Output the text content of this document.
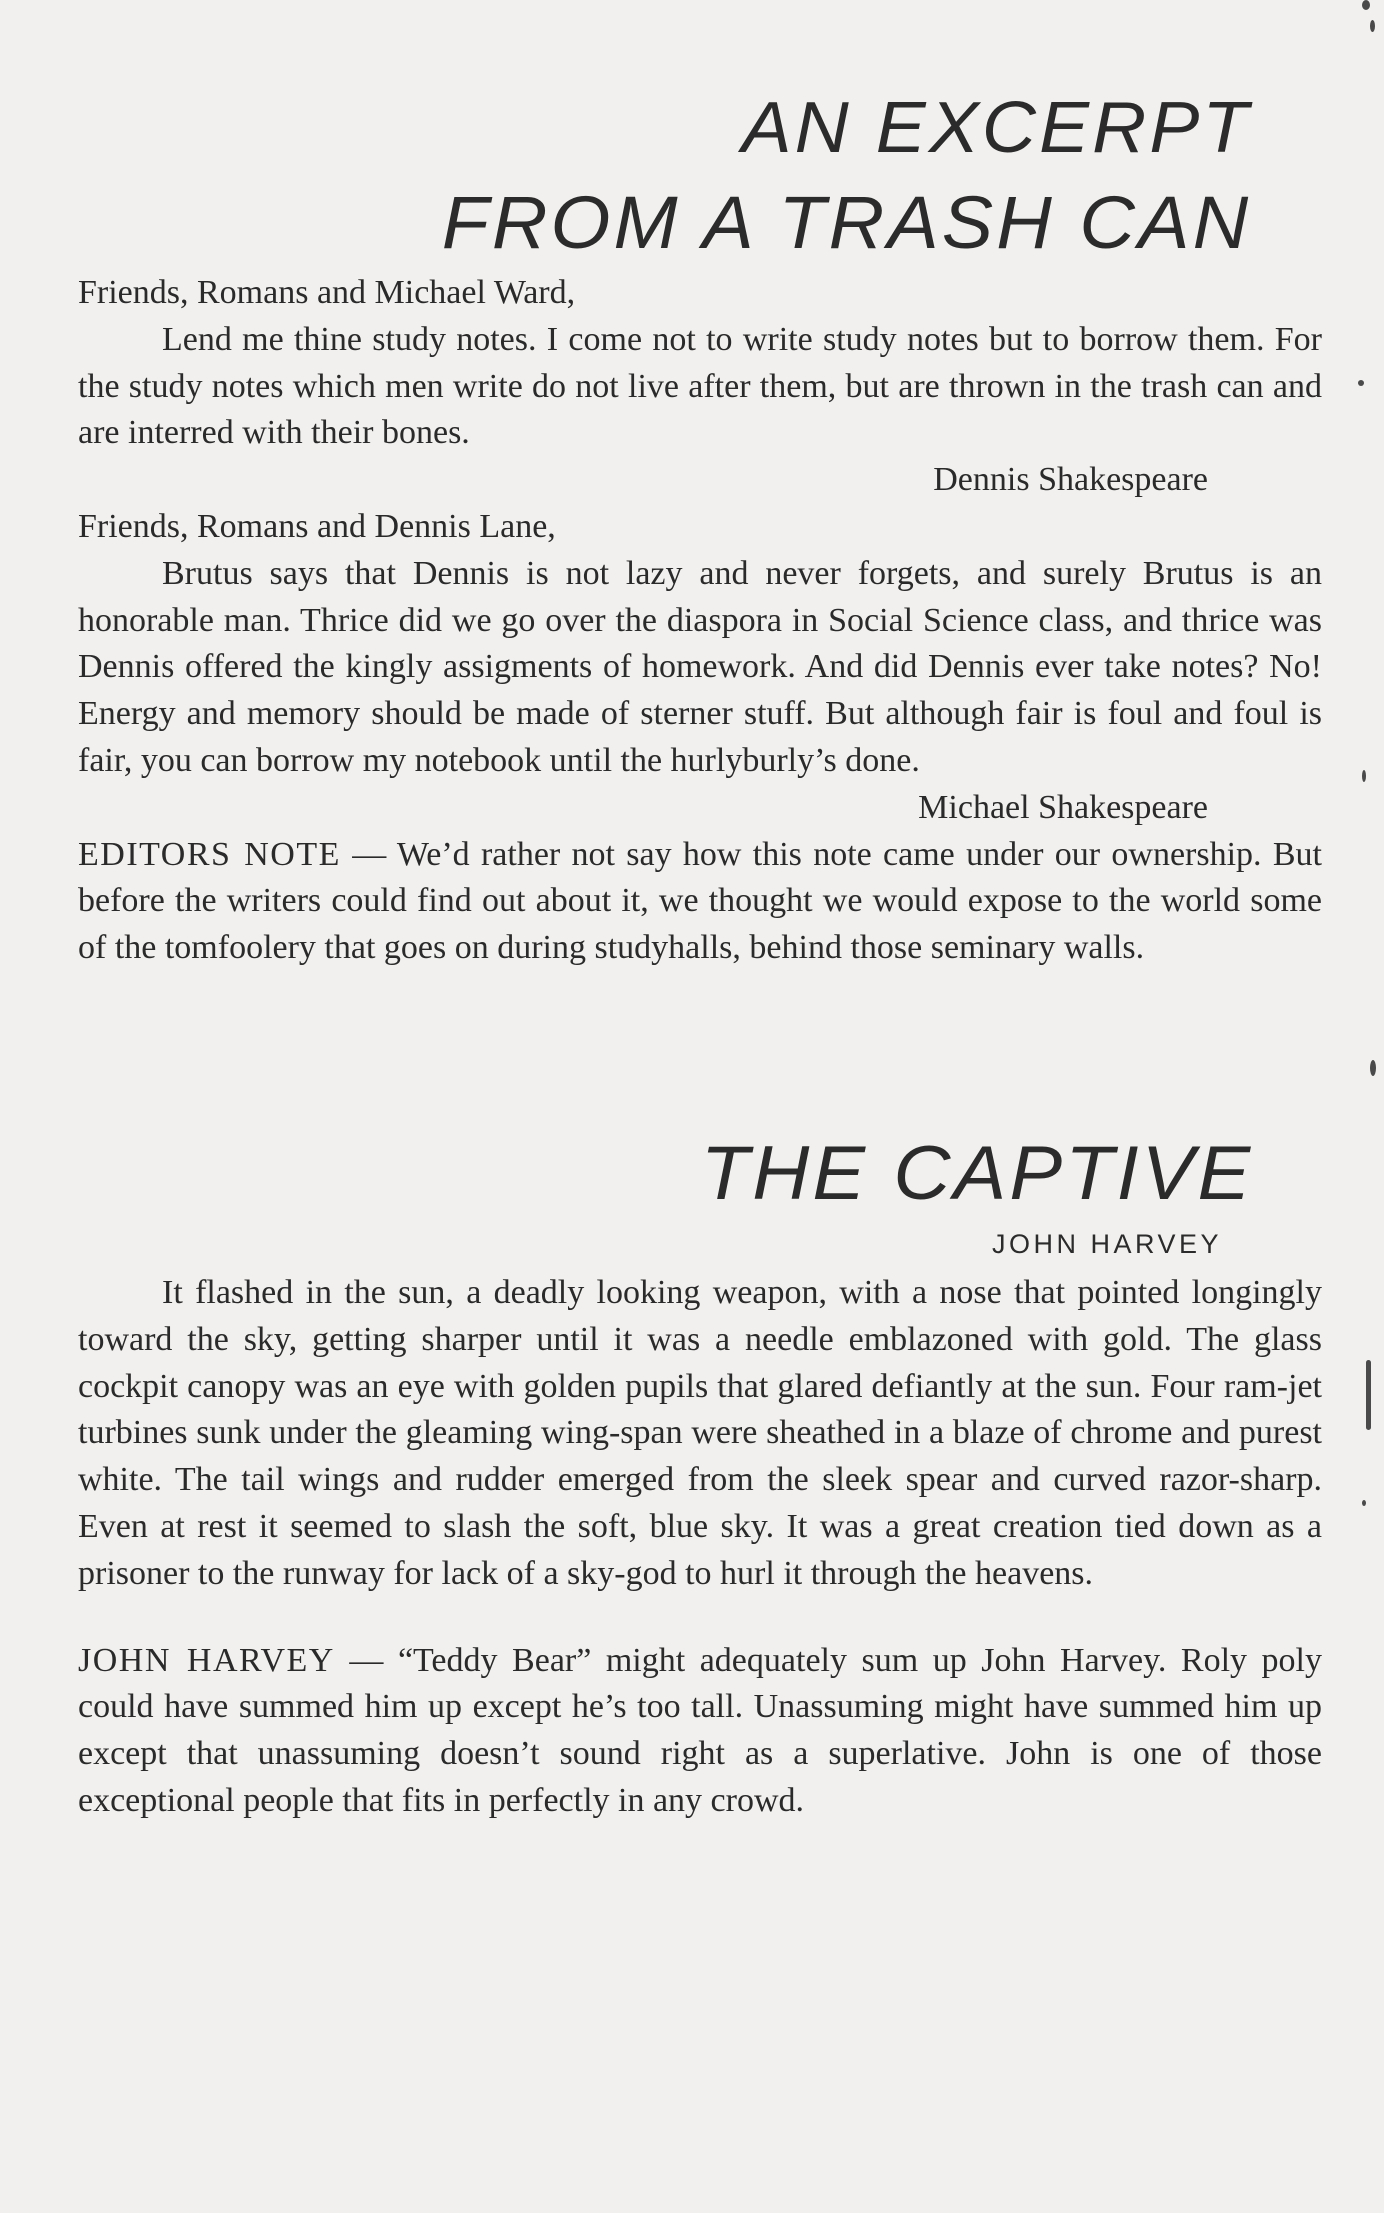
AN EXCERPT
FROM A TRASH CAN

Friends, Romans and Michael Ward,

Lend me thine study notes. I come not to write study notes but to borrow them. For the study notes which men write do not live after them, but are thrown in the trash can and are interred with their bones.

Dennis Shakespeare

Friends, Romans and Dennis Lane,

Brutus says that Dennis is not lazy and never forgets, and surely Brutus is an honorable man. Thrice did we go over the diaspora in Social Science class, and thrice was Dennis offered the kingly assigments of homework. And did Dennis ever take notes? No! Energy and memory should be made of sterner stuff. But although fair is foul and foul is fair, you can borrow my notebook until the hurlyburly’s done.

Michael Shakespeare

EDITORS NOTE — We’d rather not say how this note came under our ownership. But before the writers could find out about it, we thought we would expose to the world some of the tomfoolery that goes on during studyhalls, behind those seminary walls.

THE CAPTIVE

JOHN HARVEY

It flashed in the sun, a deadly looking weapon, with a nose that pointed longingly toward the sky, getting sharper until it was a needle emblazoned with gold. The glass cockpit canopy was an eye with golden pupils that glared defiantly at the sun. Four ram-jet turbines sunk under the gleaming wing-span were sheathed in a blaze of chrome and purest white. The tail wings and rudder emerged from the sleek spear and curved razor-sharp. Even at rest it seemed to slash the soft, blue sky. It was a great creation tied down as a prisoner to the runway for lack of a sky-god to hurl it through the heavens.

JOHN HARVEY — “Teddy Bear” might adequately sum up John Harvey. Roly poly could have summed him up except he’s too tall. Unassuming might have summed him up except that unassuming doesn’t sound right as a superlative. John is one of those exceptional people that fits in perfectly in any crowd.
